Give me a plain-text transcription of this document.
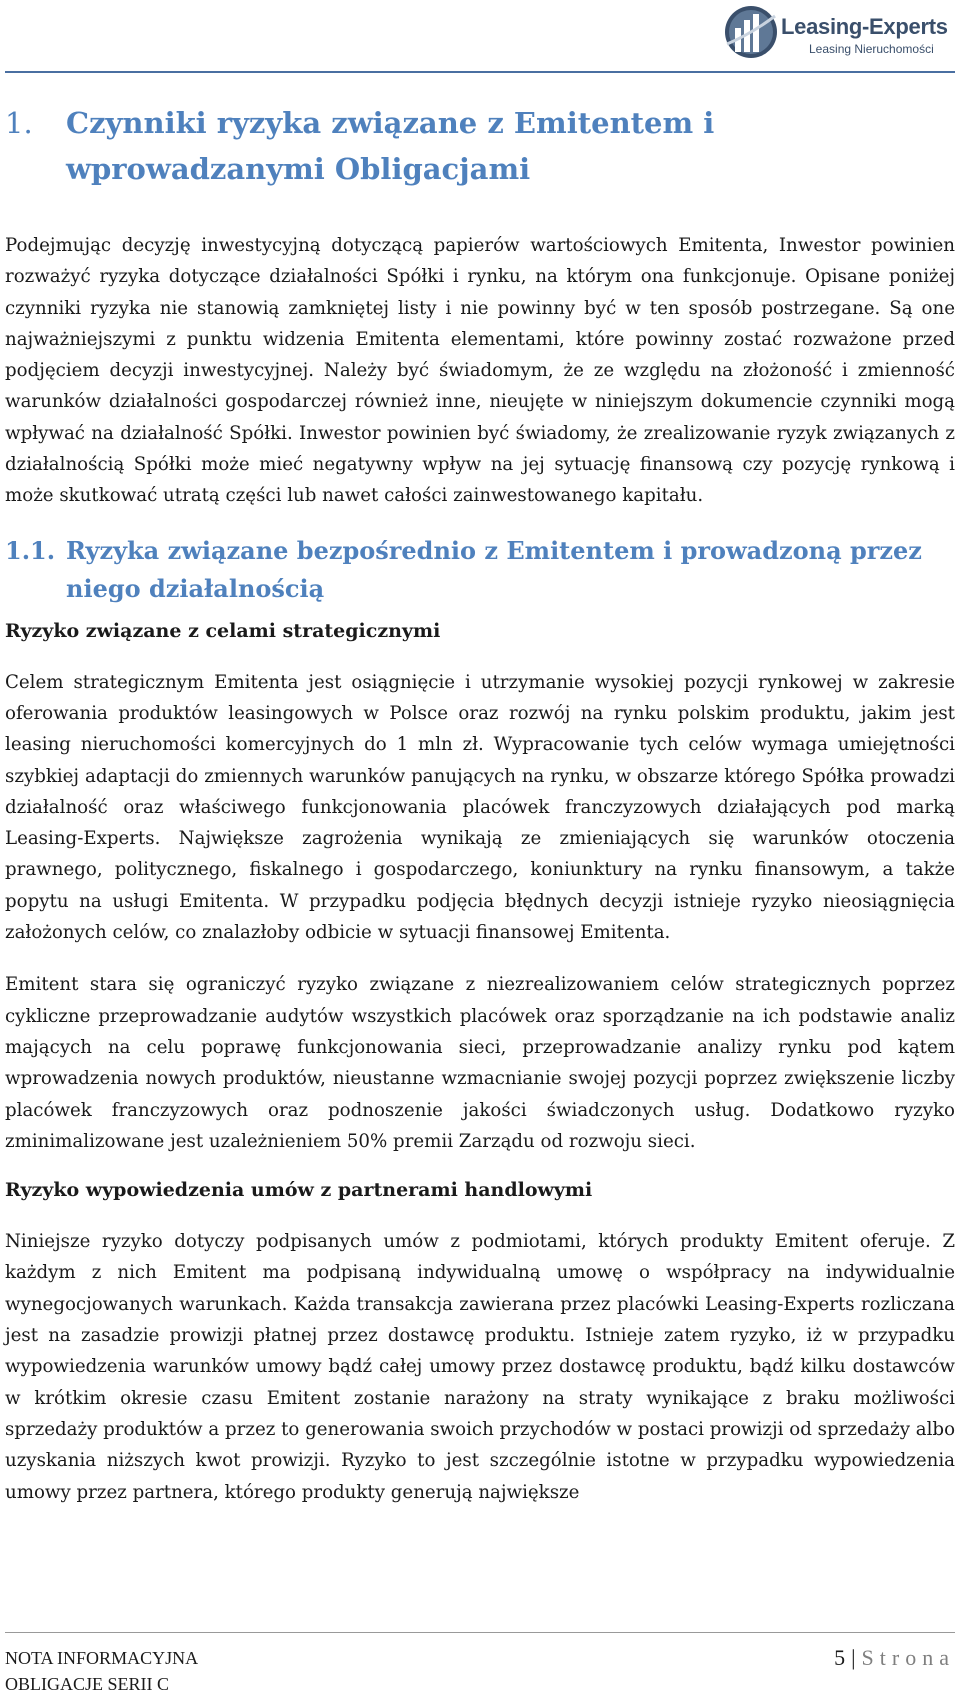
Leasing-Experts
Leasing Nieruchomości
1.	Czynniki ryzyka związane z Emitentem i wprowadzanymi Obligacjami

Podejmując decyzję inwestycyjną dotyczącą papierów wartościowych Emitenta, Inwestor powinien rozważyć ryzyka dotyczące działalności Spółki i rynku, na którym ona funkcjonuje. Opisane poniżej czynniki ryzyka nie stanowią zamkniętej listy i nie powinny być w ten sposób postrzegane. Są one najważniejszymi z punktu widzenia Emitenta elementami, które powinny zostać rozważone przed podjęciem decyzji inwestycyjnej. Należy być świadomym, że ze względu na złożoność i zmienność warunków działalności gospodarczej również inne, nieujęte w niniejszym dokumencie czynniki mogą wpływać na działalność Spółki. Inwestor powinien być świadomy, że zrealizowanie ryzyk związanych z działalnością Spółki może mieć negatywny wpływ na jej sytuację finansową czy pozycję rynkową i może skutkować utratą części lub nawet całości zainwestowanego kapitału.

1.1. Ryzyka związane bezpośrednio z Emitentem i prowadzoną przez niego działalnością
Ryzyko związane z celami strategicznymi

Celem strategicznym Emitenta jest osiągnięcie i utrzymanie wysokiej pozycji rynkowej w zakresie oferowania produktów leasingowych w Polsce oraz rozwój na rynku polskim produktu, jakim jest leasing nieruchomości komercyjnych do 1 mln zł. Wypracowanie tych celów wymaga umiejętności szybkiej adaptacji do zmiennych warunków panujących na rynku, w obszarze którego Spółka prowadzi działalność oraz właściwego funkcjonowania placówek franczyzowych działających pod marką Leasing-Experts. Największe zagrożenia wynikają ze zmieniających się warunków otoczenia prawnego, politycznego, fiskalnego i gospodarczego, koniunktury na rynku finansowym, a także popytu na usługi Emitenta. W przypadku podjęcia błędnych decyzji istnieje ryzyko nieosiągnięcia założonych celów, co znalazłoby odbicie w sytuacji finansowej Emitenta.

Emitent stara się ograniczyć ryzyko związane z niezrealizowaniem celów strategicznych poprzez cykliczne przeprowadzanie audytów wszystkich placówek oraz sporządzanie na ich podstawie analiz mających na celu poprawę funkcjonowania sieci, przeprowadzanie analizy rynku pod kątem wprowadzenia nowych produktów, nieustanne wzmacnianie swojej pozycji poprzez zwiększenie liczby placówek franczyzowych oraz podnoszenie jakości świadczonych usług. Dodatkowo ryzyko zminimalizowane jest uzależnieniem 50% premii Zarządu od rozwoju sieci.

Ryzyko wypowiedzenia umów z partnerami handlowymi

Niniejsze ryzyko dotyczy podpisanych umów z podmiotami, których produkty Emitent oferuje. Z każdym z nich Emitent ma podpisaną indywidualną umowę o współpracy na indywidualnie wynegocjowanych warunkach. Każda transakcja zawierana przez placówki Leasing-Experts rozliczana jest na zasadzie prowizji płatnej przez dostawcę produktu. Istnieje zatem ryzyko, iż w przypadku wypowiedzenia warunków umowy bądź całej umowy przez dostawcę produktu, bądź kilku dostawców w krótkim okresie czasu Emitent zostanie narażony na straty wynikające z braku możliwości sprzedaży produktów a przez to generowania swoich przychodów w postaci prowizji od sprzedaży albo uzyskania niższych kwot prowizji. Ryzyko to jest szczególnie istotne w przypadku wypowiedzenia umowy przez partnera, którego produkty generują największe

NOTA INFORMACYJNA
OBLIGACJE SERII C
5 | Strona
